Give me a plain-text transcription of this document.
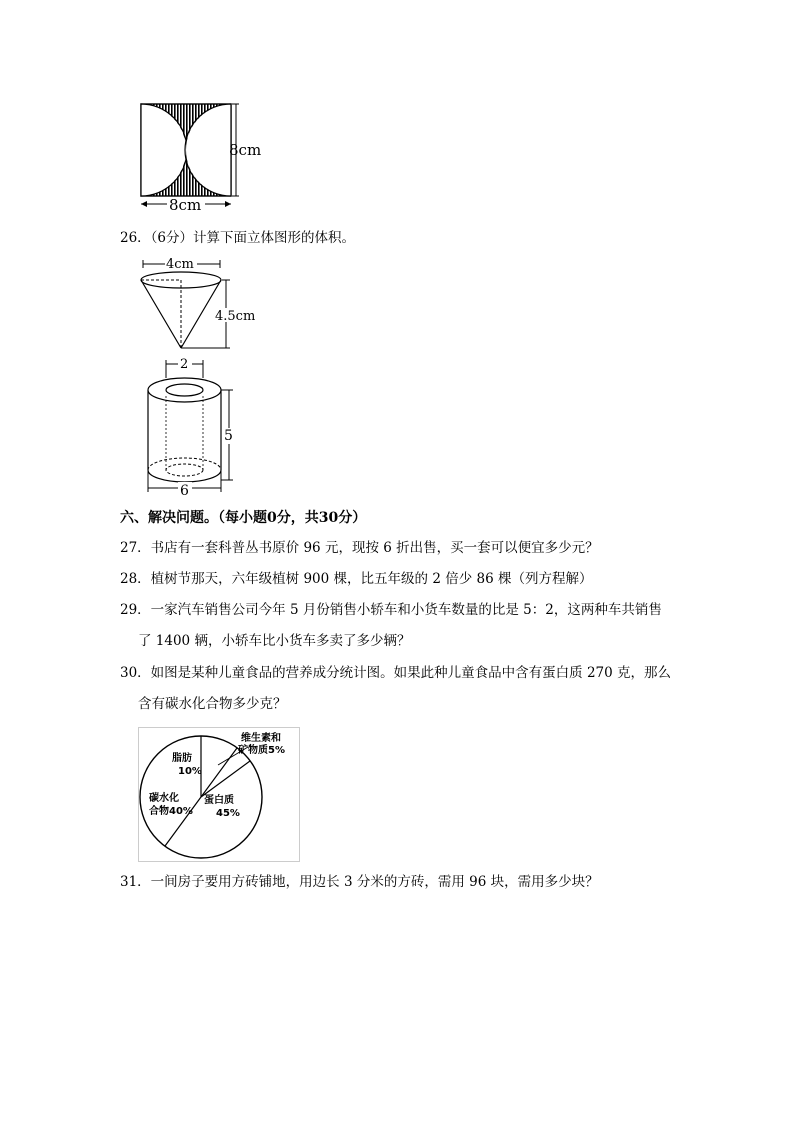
8cm
8cm
26．（6分）计算下面立体图形的体积。
4cm
4.5cm
2
5
6
六、解决问题。（每小题0分，共30分）
27．书店有一套科普丛书原价 96 元，现按 6 折出售，买一套可以便宜多少元？
28．植树节那天，六年级植树 900 棵，比五年级的 2 倍少 86 棵（列方程解）
29．一家汽车销售公司今年 5 月份销售小轿车和小货车数量的比是 5：2，这两种车共销售
了 1400 辆，小轿车比小货车多卖了多少辆？
30．如图是某种儿童食品的营养成分统计图。如果此种儿童食品中含有蛋白质 270 克，那么
含有碳水化合物多少克？
脂肪
10%
维生素和
矿物质5%
碳水化
合物40%
蛋白质
45%
31．一间房子要用方砖铺地，用边长 3 分米的方砖，需用 96 块，需用多少块？
